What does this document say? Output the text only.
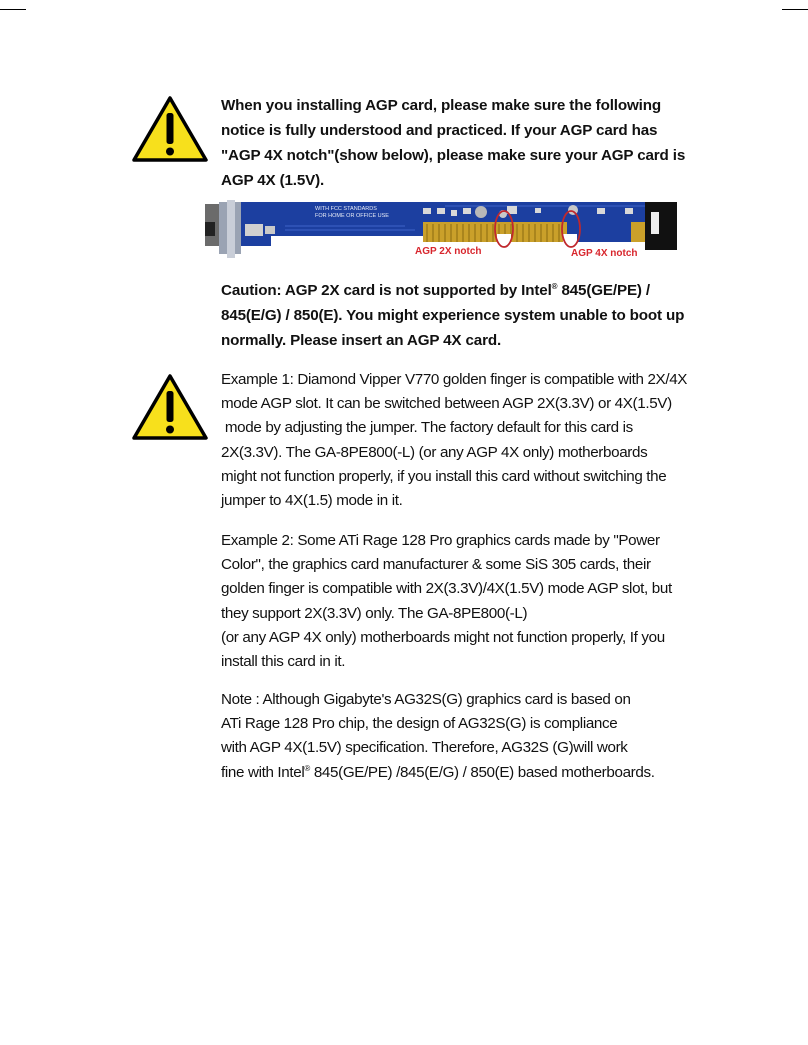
When you installing AGP card, please make sure the following
notice is fully understood and practiced. If your AGP card has
"AGP 4X notch"(show below), please make sure your AGP card is
AGP 4X (1.5V).
WITH FCC STANDARDS
FOR HOME OR OFFICE USE
AGP 2X notch	AGP 4X notch
Caution: AGP 2X card is not supported by Intel® 845(GE/PE) /
845(E/G) / 850(E). You might experience system unable to boot up
normally. Please insert an AGP 4X card.
Example 1: Diamond Vipper V770 golden finger is compatible with 2X/4X
mode AGP slot. It can be switched between AGP 2X(3.3V) or 4X(1.5V)
mode by adjusting the jumper. The factory default for this card is
2X(3.3V). The GA-8PE800(-L) (or any AGP 4X only) motherboards
might not function properly, if you install this card without switching the
jumper to 4X(1.5) mode in it.
Example 2: Some ATi Rage 128 Pro graphics cards made by "Power
Color", the graphics card manufacturer & some SiS 305 cards, their
golden finger is compatible with 2X(3.3V)/4X(1.5V) mode AGP slot, but
they support 2X(3.3V) only. The GA-8PE800(-L)
(or any AGP 4X only) motherboards might not function properly, If you
install this card in it.
Note : Although Gigabyte's AG32S(G) graphics card is based on
ATi Rage 128 Pro chip, the design of AG32S(G) is compliance
with AGP 4X(1.5V) specification. Therefore, AG32S (G)will work
fine with Intel® 845(GE/PE) /845(E/G) / 850(E) based motherboards.
